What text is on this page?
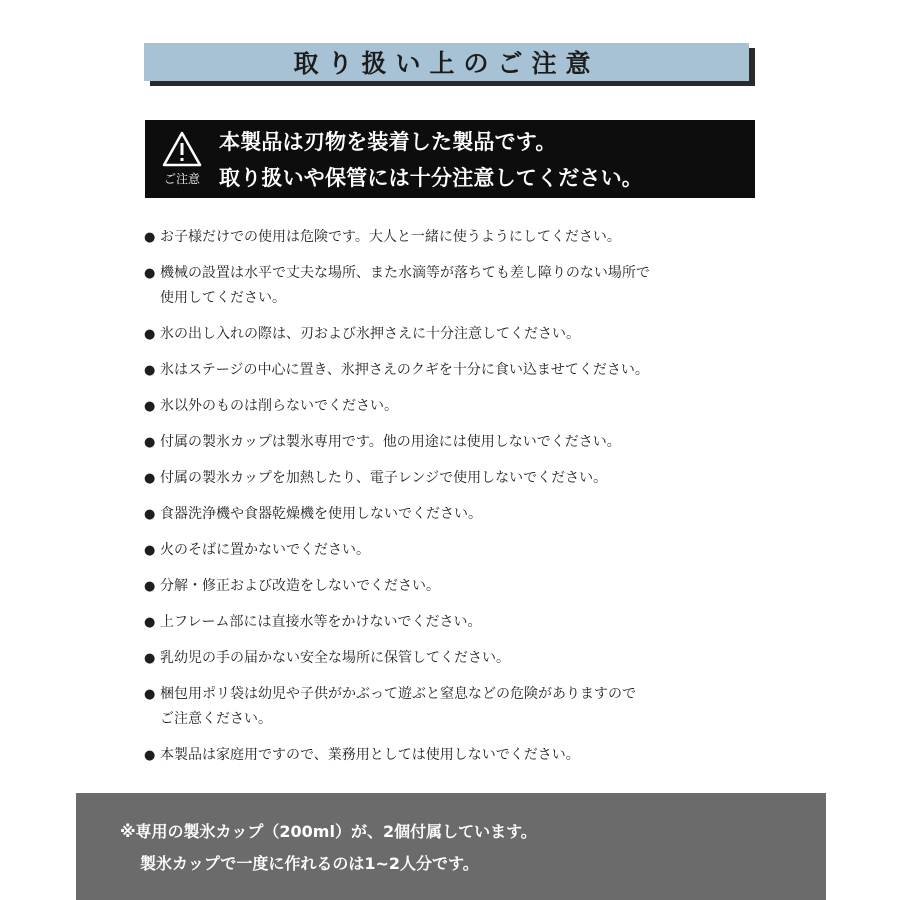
取り扱い上のご注意
ご注意
本製品は刃物を装着した製品です。
取り扱いや保管には十分注意してください。
● お子様だけでの使用は危険です。大人と一緒に使うようにしてください。
● 機械の設置は水平で丈夫な場所、また水滴等が落ちても差し障りのない場所で
使用してください。
● 氷の出し入れの際は、刃および氷押さえに十分注意してください。
● 氷はステージの中心に置き、氷押さえのクギを十分に食い込ませてください。
● 氷以外のものは削らないでください。
● 付属の製氷カップは製氷専用です。他の用途には使用しないでください。
● 付属の製氷カップを加熱したり、電子レンジで使用しないでください。
● 食器洗浄機や食器乾燥機を使用しないでください。
● 火のそばに置かないでください。
● 分解・修正および改造をしないでください。
● 上フレーム部には直接水等をかけないでください。
● 乳幼児の手の届かない安全な場所に保管してください。
● 梱包用ポリ袋は幼児や子供がかぶって遊ぶと窒息などの危険がありますので
ご注意ください。
● 本製品は家庭用ですので、業務用としては使用しないでください。
※専用の製氷カップ（200ml）が、2個付属しています。
製氷カップで一度に作れるのは1~2人分です。
